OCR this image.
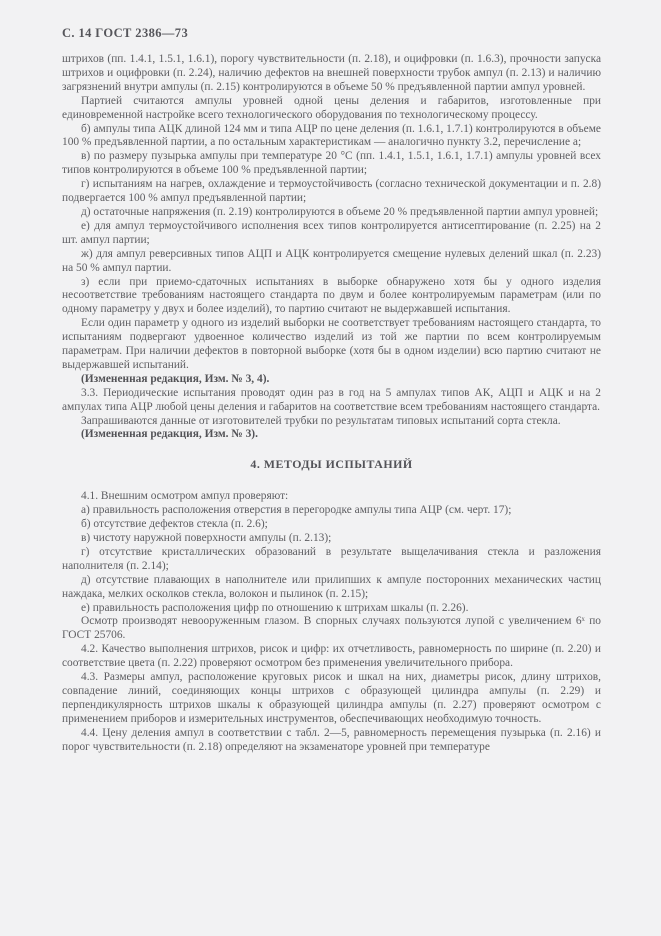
С. 14 ГОСТ 2386—73

штрихов (пп. 1.4.1, 1.5.1, 1.6.1), порогу чувствительности (п. 2.18), и оцифровки (п. 1.6.3), прочности запуска штрихов и оцифровки (п. 2.24), наличию дефектов на внешней поверхности трубок ампул (п. 2.13) и наличию загрязнений внутри ампулы (п. 2.15) контролируются в объеме 50 % предъявленной партии ампул уровней.

Партией считаются ампулы уровней одной цены деления и габаритов, изготовленные при единовременной настройке всего технологического оборудования по технологическому процессу.

б) ампулы типа АЦК длиной 124 мм и типа АЦР по цене деления (п. 1.6.1, 1.7.1) контролируются в объеме 100 % предъявленной партии, а по остальным характеристикам — аналогично пункту 3.2, перечисление а;

в) по размеру пузырька ампулы при температуре 20 °С (пп. 1.4.1, 1.5.1, 1.6.1, 1.7.1) ампулы уровней всех типов контролируются в объеме 100 % предъявленной партии;

г) испытаниям на нагрев, охлаждение и термоустойчивость (согласно технической документации и п. 2.8) подвергается 100 % ампул предъявленной партии;

д) остаточные напряжения (п. 2.19) контролируются в объеме 20 % предъявленной партии ампул уровней;

е) для ампул термоустойчивого исполнения всех типов контролируется антисептирование (п. 2.25) на 2 шт. ампул партии;

ж) для ампул реверсивных типов АЦП и АЦК контролируется смещение нулевых делений шкал (п. 2.23) на 50 % ампул партии.

з) если при приемо-сдаточных испытаниях в выборке обнаружено хотя бы у одного изделия несоответствие требованиям настоящего стандарта по двум и более контролируемым параметрам (или по одному параметру у двух и более изделий), то партию считают не выдержавшей испытания.

Если один параметр у одного из изделий выборки не соответствует требованиям настоящего стандарта, то испытаниям подвергают удвоенное количество изделий из той же партии по всем контролируемым параметрам. При наличии дефектов в повторной выборке (хотя бы в одном изделии) всю партию считают не выдержавшей испытаний.

(Измененная редакция, Изм. № 3, 4).

3.3. Периодические испытания проводят один раз в год на 5 ампулах типов АК, АЦП и АЦК и на 2 ампулах типа АЦР любой цены деления и габаритов на соответствие всем требованиям настоящего стандарта.

Запрашиваются данные от изготовителей трубки по результатам типовых испытаний сорта стекла.

(Измененная редакция, Изм. № 3).

4. МЕТОДЫ ИСПЫТАНИЙ

4.1. Внешним осмотром ампул проверяют:

а) правильность расположения отверстия в перегородке ампулы типа АЦР (см. черт. 17);

б) отсутствие дефектов стекла (п. 2.6);

в) чистоту наружной поверхности ампулы (п. 2.13);

г) отсутствие кристаллических образований в результате выщелачивания стекла и разложения наполнителя (п. 2.14);

д) отсутствие плавающих в наполнителе или прилипших к ампуле посторонних механических частиц наждака, мелких осколков стекла, волокон и пылинок (п. 2.15);

е) правильность расположения цифр по отношению к штрихам шкалы (п. 2.26).

Осмотр производят невооруженным глазом. В спорных случаях пользуются лупой с увеличением 6ˣ по ГОСТ 25706.

4.2. Качество выполнения штрихов, рисок и цифр: их отчетливость, равномерность по ширине (п. 2.20) и соответствие цвета (п. 2.22) проверяют осмотром без применения увеличительного прибора.

4.3. Размеры ампул, расположение круговых рисок и шкал на них, диаметры рисок, длину штрихов, совпадение линий, соединяющих концы штрихов с образующей цилиндра ампулы (п. 2.29) и перпендикулярность штрихов шкалы к образующей цилиндра ампулы (п. 2.27) проверяют осмотром с применением приборов и измерительных инструментов, обеспечивающих необходимую точность.

4.4. Цену деления ампул в соответствии с табл. 2—5, равномерность перемещения пузырька (п. 2.16) и порог чувствительности (п. 2.18) определяют на экзаменаторе уровней при температуре
